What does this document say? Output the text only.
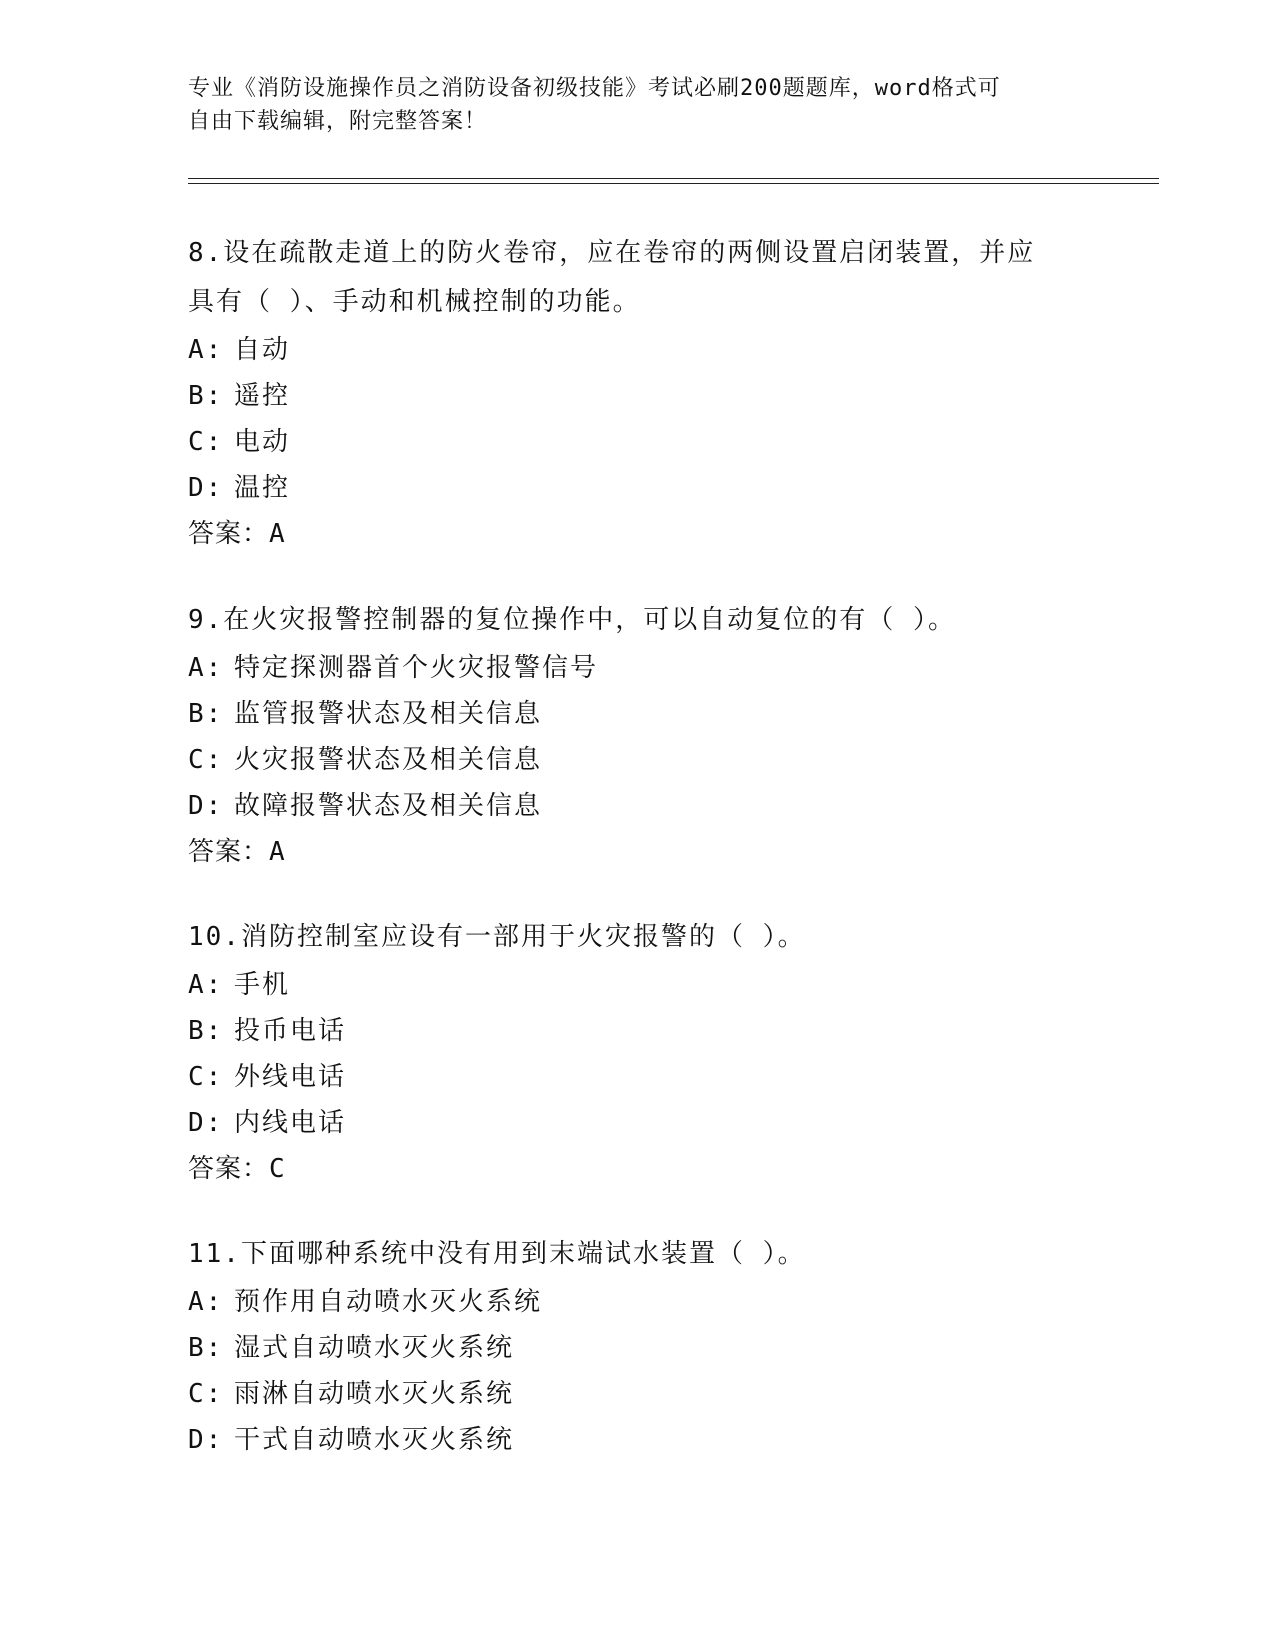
专业《消防设施操作员之消防设备初级技能》考试必刷200题题库，word格式可
自由下载编辑，附完整答案！

8.设在疏散走道上的防火卷帘，应在卷帘的两侧设置启闭装置，并应

具有（ ）、手动和机械控制的功能。

A: 自动

B: 遥控

C: 电动

D: 温控

答案：A

9.在火灾报警控制器的复位操作中，可以自动复位的有（ ）。

A: 特定探测器首个火灾报警信号

B: 监管报警状态及相关信息

C: 火灾报警状态及相关信息

D: 故障报警状态及相关信息

答案：A

10.消防控制室应设有一部用于火灾报警的（ ）。

A: 手机

B: 投币电话

C: 外线电话

D: 内线电话

答案：C

11.下面哪种系统中没有用到末端试水装置（ ）。

A: 预作用自动喷水灭火系统

B: 湿式自动喷水灭火系统

C: 雨淋自动喷水灭火系统

D: 干式自动喷水灭火系统
